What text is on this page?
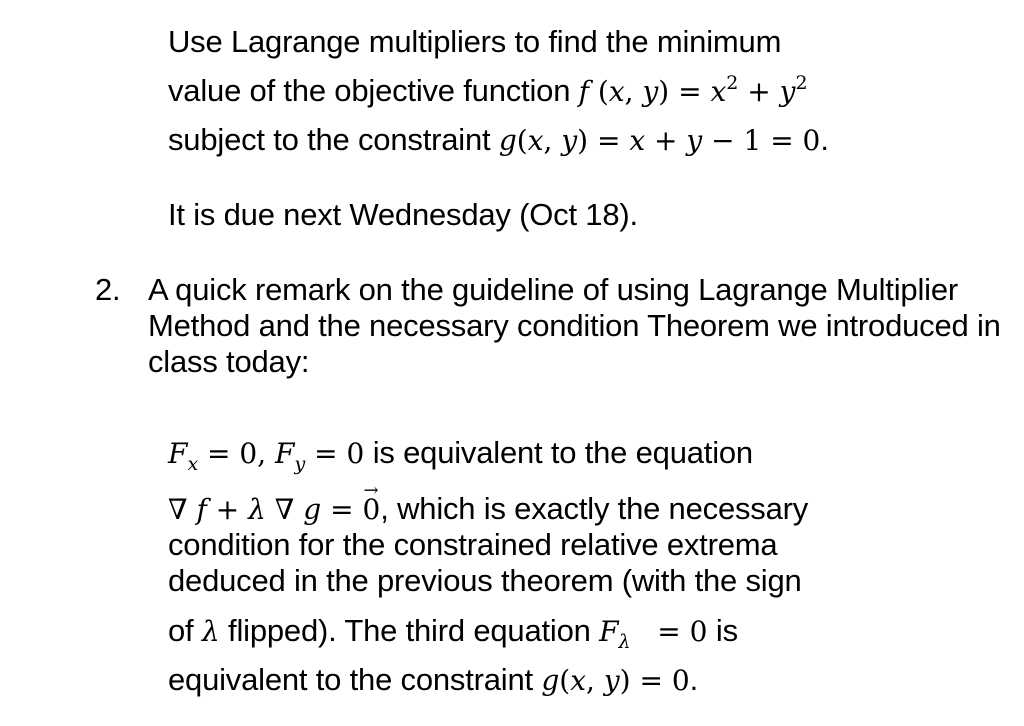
Use Lagrange multipliers to find the minimum
value of the objective function f (x, $y) = x^2 + y^2$
subject to the constraint g(x, y) = x + y − 1 = 0.
It is due next Wednesday (Oct 18).
2. A quick remark on the guideline of using Lagrange Multiplier Method and the necessary condition Theorem we introduced in class today:
$F_x = 0$, $F_y = 0$ is equivalent to the equation
∇ f + λ ∇ g = → 0, which is exactly the necessary
condition for the constrained relative extrema
deduced in the previous theorem (with the sign
of λ flipped). The third equation $F_\lambda = 0$ is
equivalent to the constraint g(x, y) = 0.
